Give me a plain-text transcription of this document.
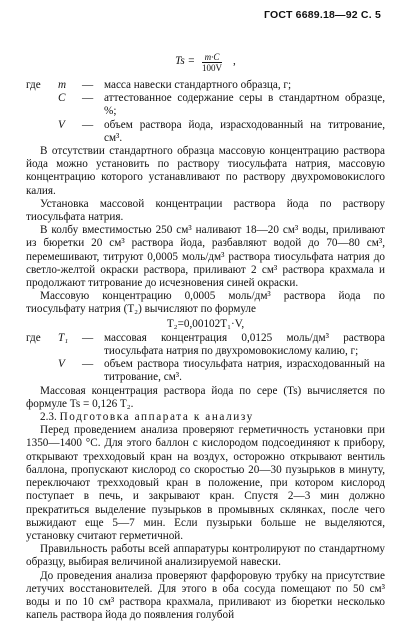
ГОСТ 6689.18—92 С. 5
$Ts = \frac{m\cdot C}{100V}$ ,

где m — масса навески стандартного образца, г;

C — аттестованное содержание серы в стандартном образце, %;

V — объем раствора йода, израсходованный на титрование, см³.

В отсутствии стандартного образца массовую концентрацию раствора йода можно установить по раствору тиосульфата натрия, массовую концентрацию которого устанавливают по раствору двухромовокислого калия.

Установка массовой концентрации раствора йода по раствору тиосульфата натрия.

В колбу вместимостью 250 см³ наливают 18—20 см³ воды, приливают из бюретки 20 см³ раствора йода, разбавляют водой до 70—80 см³, перемешивают, титруют 0,0005 моль/дм³ раствора тиосульфата натрия до светло-желтой окраски раствора, приливают 2 см³ раствора крахмала и продолжают титрование до исчезновения синей окраски.

Массовую концентрацию 0,0005 моль/дм³ раствора йода по тиосульфату натрия (T₂) вычисляют по формуле

T₂=0,00102T₁·V,

где T₁ — массовая концентрация 0,0125 моль/дм³ раствора тиосульфата натрия по двухромовокислому калию, г;

V — объем раствора тиосульфата натрия, израсходованный на титрование, см³.

Массовая концентрация раствора йода по сере (Ts) вычисляется по формуле Ts = 0,126 T₂.

2.3. Подготовка аппарата к анализу

Перед проведением анализа проверяют герметичность установки при 1350—1400 °С. Для этого баллон с кислородом подсоединяют к прибору, открывают трехходовый кран на воздух, осторожно открывают вентиль баллона, пропускают кислород со скоростью 20—30 пузырьков в минуту, переключают трехходовый кран в положение, при котором кислород поступает в печь, и закрывают кран. Спустя 2—3 мин должно прекратиться выделение пузырьков в промывных склянках, после чего выжидают еще 5—7 мин. Если пузырьки больше не выделяются, установку считают герметичной.

Правильность работы всей аппаратуры контролируют по стандартному образцу, выбирая величиной анализируемой навески.

До проведения анализа проверяют фарфоровую трубку на присутствие летучих восстановителей. Для этого в оба сосуда помещают по 50 см³ воды и по 10 см³ раствора крахмала, приливают из бюретки несколько капель раствора йода до появления голубой
